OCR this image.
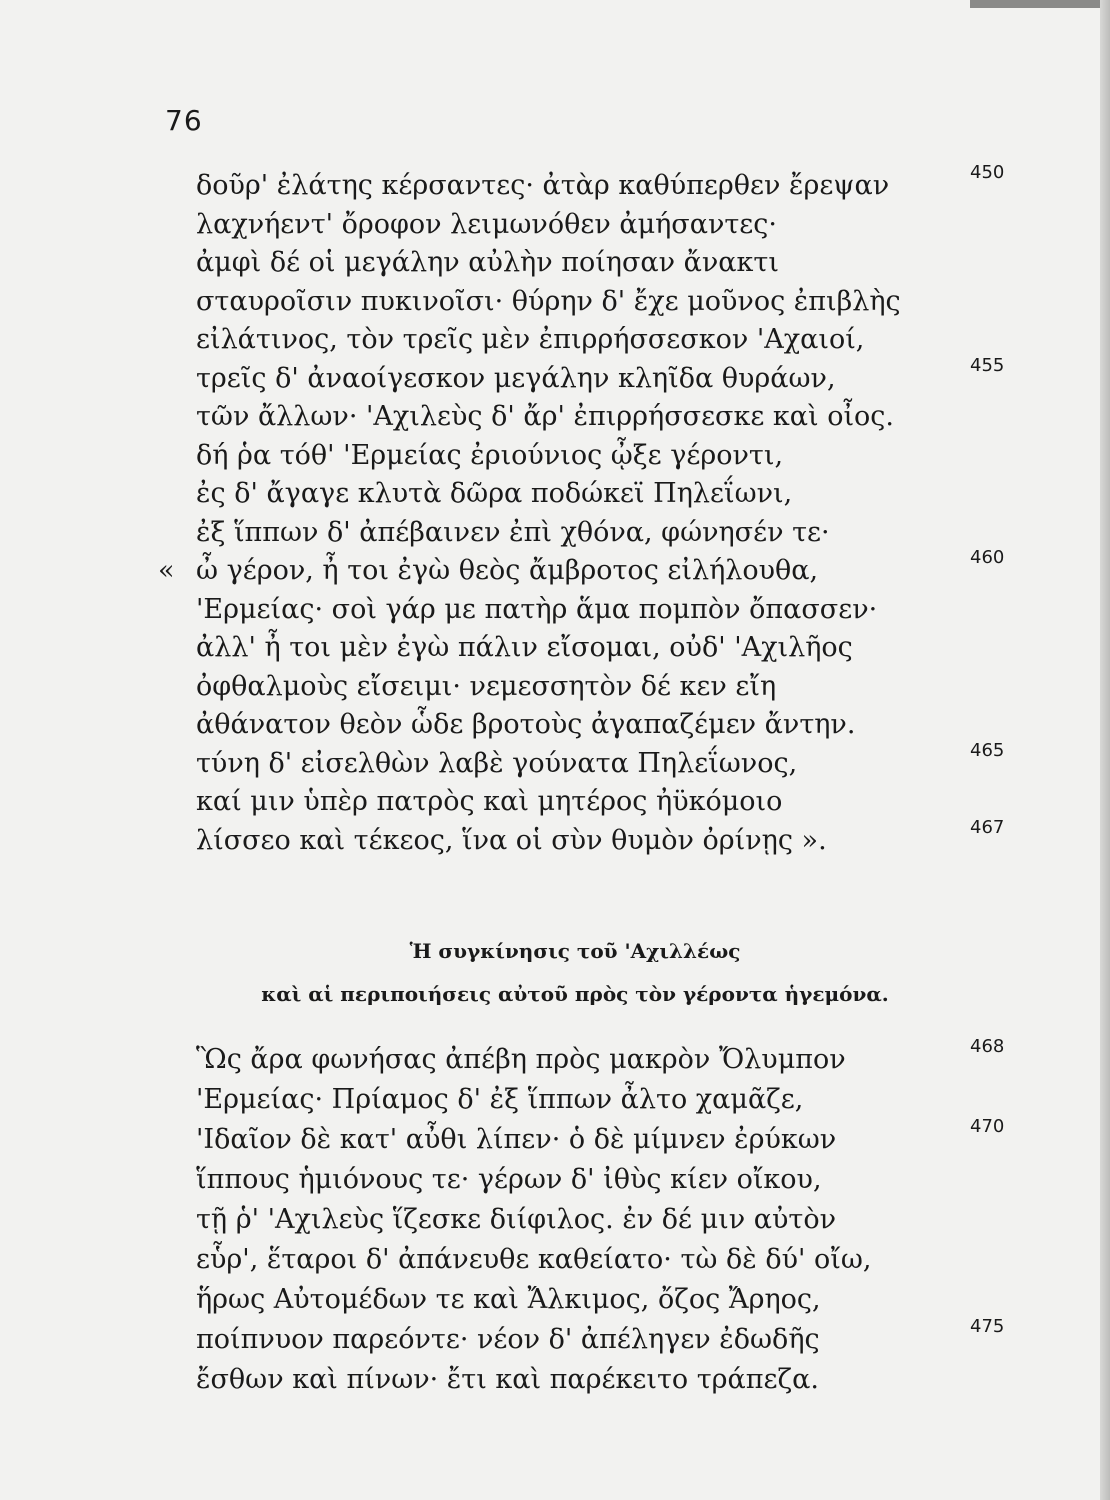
76
δοῦρ' ἐλάτης κέρσαντες· ἀτὰρ καθύπερθεν ἔρεψαν	450
λαχνήεντ' ὄροφον λειμωνόθεν ἀμήσαντες·
ἀμφὶ δέ οἱ μεγάλην αὐλὴν ποίησαν ἄνακτι
σταυροῖσιν πυκινοῖσι· θύρην δ' ἔχε μοῦνος ἐπιβλὴς
εἰλάτινος, τὸν τρεῖς μὲν ἐπιρρήσσεσκον 'Αχαιοί,
τρεῖς δ' ἀναοίγεσκον μεγάλην κληῖδα θυράων,	455
τῶν ἄλλων· 'Αχιλεὺς δ' ἄρ' ἐπιρρήσσεσκε καὶ οἶος.
δή ῥα τόθ' 'Ερμείας ἐριούνιος ᾦξε γέροντι,
ἐς δ' ἄγαγε κλυτὰ δῶρα ποδώκεϊ Πηλεΐωνι,
ἐξ ἵππων δ' ἀπέβαινεν ἐπὶ χθόνα, φώνησέν τε·
« ὦ γέρον, ἦ τοι ἐγὼ θεὸς ἄμβροτος εἰλήλουθα,	460
'Ερμείας· σοὶ γάρ με πατὴρ ἅμα πομπὸν ὄπασσεν·
ἀλλ' ἦ τοι μὲν ἐγὼ πάλιν εἴσομαι, οὐδ' 'Αχιλῆος
ὀφθαλμοὺς εἴσειμι· νεμεσσητὸν δέ κεν εἴη
ἀθάνατον θεὸν ὧδε βροτοὺς ἀγαπαζέμεν ἄντην.
τύνη δ' εἰσελθὼν λαβὲ γούνατα Πηλεΐωνος,	465
καί μιν ὑπὲρ πατρὸς καὶ μητέρος ἠϋκόμοιο
λίσσεο καὶ τέκεος, ἵνα οἱ σὺν θυμὸν ὀρίνῃς ».	467
Ἡ συγκίνησις τοῦ 'Αχιλλέως
καὶ αἱ περιποιήσεις αὐτοῦ πρὸς τὸν γέροντα ἡγεμόνα.
Ὣς ἄρα φωνήσας ἀπέβη πρὸς μακρὸν Ὄλυμπον	468
'Ερμείας· Πρίαμος δ' ἐξ ἵππων ἆλτο χαμᾶζε,
'Ιδαῖον δὲ κατ' αὖθι λίπεν· ὁ δὲ μίμνεν ἐρύκων	470
ἵππους ἡμιόνους τε· γέρων δ' ἰθὺς κίεν οἴκου,
τῇ ῥ' 'Αχιλεὺς ἵζεσκε διίφιλος. ἐν δέ μιν αὐτὸν
εὗρ', ἕταροι δ' ἀπάνευθε καθείατο· τὼ δὲ δύ' οἴω,
ἥρως Αὐτομέδων τε καὶ Ἄλκιμος, ὄζος Ἄρηος,
ποίπνυον παρεόντε· νέον δ' ἀπέληγεν ἐδωδῆς	475
ἔσθων καὶ πίνων· ἔτι καὶ παρέκειτο τράπεζα.
